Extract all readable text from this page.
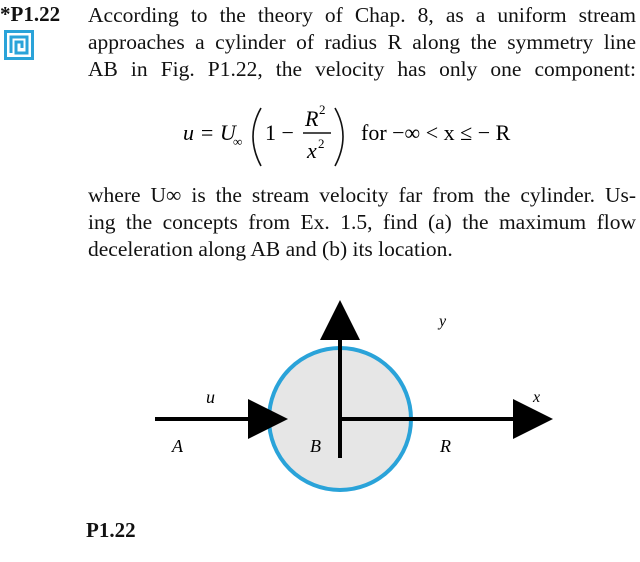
*P1.22 According to the theory of Chap. 8, as a uniform stream
approaches a cylinder of radius R along the symmetry line
AB in Fig. P1.22, the velocity has only one component:
u = U
∞ 1 −
R 2
x 2 for −∞ < x ≤ − R
where U∞ is the stream velocity far from the cylinder. Us-
ing the concepts from Ex. 1.5, find (a) the maximum flow
deceleration along AB and (b) its location.
u
y
x
A	B	R
P1.22
